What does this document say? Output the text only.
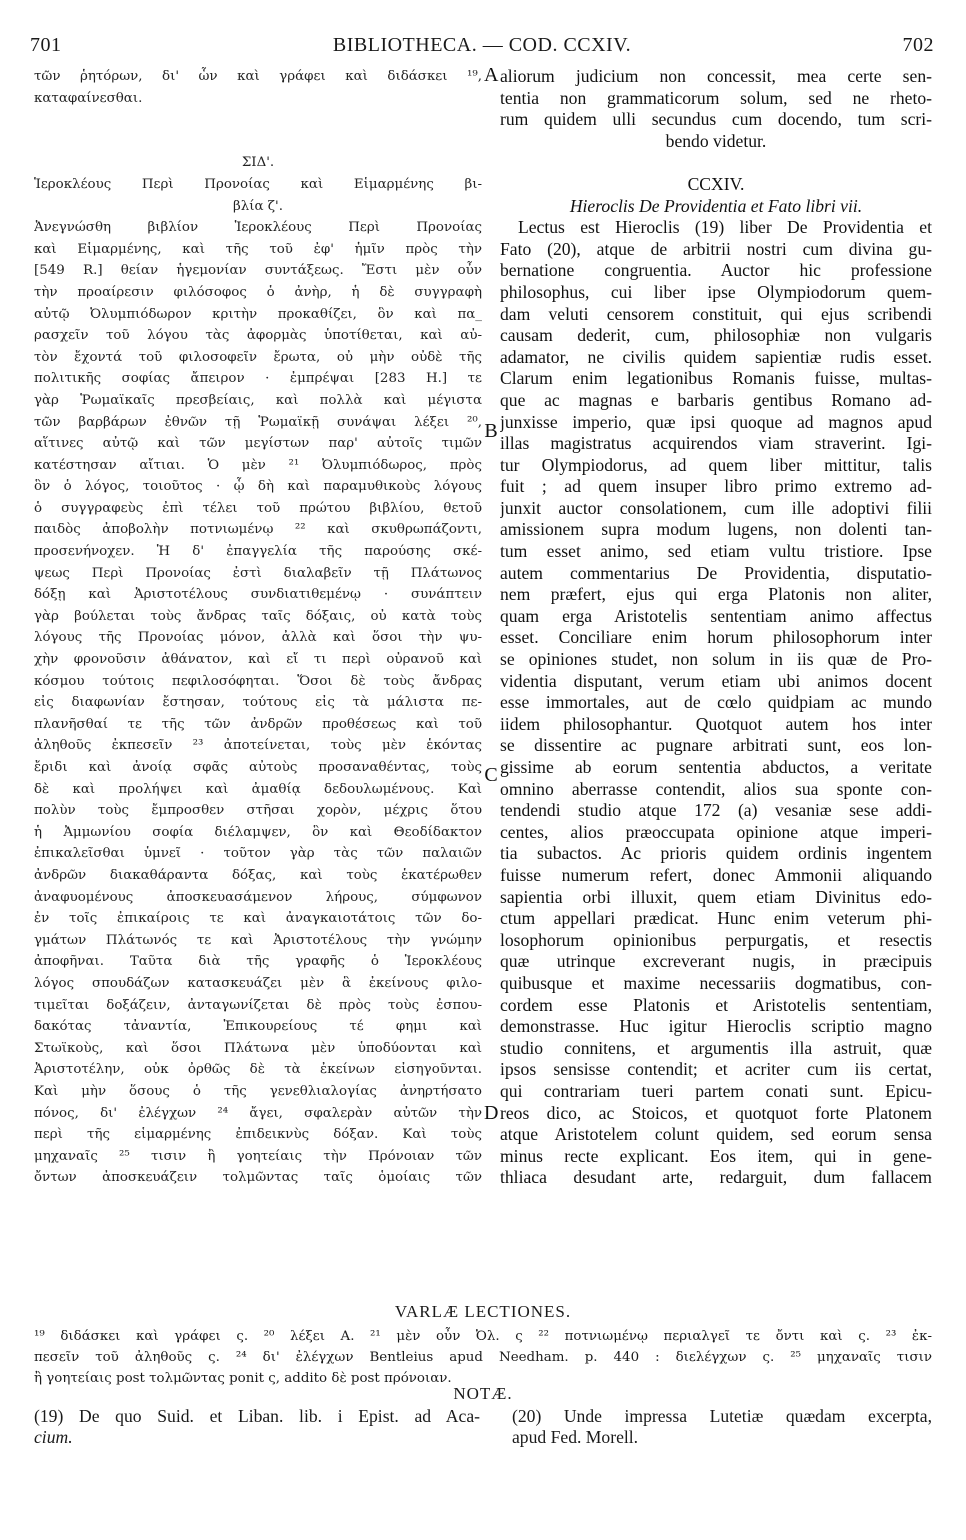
701	BIBLIOTHECA. — COD. CCXIV.	702
τῶν ῥητόρων, δι' ὧν καὶ γράφει καὶ διδάσκει ¹⁹,
καταφαίνεσθαι.
ΣΙΔ'.
Ἱεροκλέους Περὶ Προνοίας καὶ Εἱμαρμένης βι-
βλία ζ'.
Ἀνεγνώσθη βιβλίον Ἱεροκλέους Περὶ Προνοίας
καὶ Εἱμαρμένης, καὶ τῆς τοῦ ἐφ' ἡμῖν πρὸς τὴν
[549 R.] θείαν ἡγεμονίαν συντάξεως. Ἔστι μὲν οὖν
τὴν προαίρεσιν φιλόσοφος ὁ ἀνὴρ, ἡ δὲ συγγραφὴ
αὐτῷ Ὀλυμπιόδωρον κριτὴν προκαθίζει, ὃν καὶ πα_
ρασχεῖν τοῦ λόγου τὰς ἀφορμὰς ὑποτίθεται, καὶ αὐ-
τὸν ἔχοντά τοῦ φιλοσοφεῖν ἔρωτα, οὐ μὴν οὐδὲ τῆς
πολιτικῆς σοφίας ἄπειρον · ἐμπρέψαι [283 H.] τε
γὰρ Ῥωμαϊκαῖς πρεσβείαις, καὶ πολλὰ καὶ μέγιστα
τῶν βαρβάρων ἐθνῶν τῇ Ῥωμαϊκῇ συνάψαι λέξει ²⁰,
αἵτινες αὐτῷ καὶ τῶν μεγίστων παρ' αὐτοῖς τιμῶν
κατέστησαν αἴτιαι. Ὁ μὲν ²¹ Ὀλυμπιόδωρος, πρὸς
ὃν ὁ λόγος, τοιοῦτος · ᾧ δὴ καὶ παραμυθικοὺς λόγους
ὁ συγγραφεὺς ἐπὶ τέλει τοῦ πρώτου βιβλίου, θετοῦ
παιδὸς ἀποβολὴν ποτνιωμένῳ ²² καὶ σκυθρωπάζοντι,
προσενήνοχεν. Ἡ δ' ἐπαγγελία τῆς παρούσης σκέ-
ψεως Περὶ Προνοίας ἐστὶ διαλαβεῖν τῇ Πλάτωνος
δόξῃ καὶ Ἀριστοτέλους συνδιατιθεμένῳ · συνάπτειν
γὰρ βούλεται τοὺς ἄνδρας ταῖς δόξαις, οὐ κατὰ τοὺς
λόγους τῆς Προνοίας μόνον, ἀλλὰ καὶ ὅσοι τὴν ψυ-
χὴν φρονοῦσιν ἀθάνατον, καὶ εἴ τι περὶ οὐρανοῦ καὶ
κόσμου τούτοις πεφιλοσόφηται. Ὅσοι δὲ τοὺς ἄνδρας
εἰς διαφωνίαν ἔστησαν, τούτους εἰς τὰ μάλιστα πε-
πλανῆσθαί τε τῆς τῶν ἀνδρῶν προθέσεως καὶ τοῦ
ἀληθοῦς ἐκπεσεῖν ²³ ἀποτείνεται, τοὺς μὲν ἑκόντας
ἔριδι καὶ ἀνοίᾳ σφᾶς αὐτοὺς προσαναθέντας, τοὺς
δὲ καὶ προλήψει καὶ ἀμαθίᾳ δεδουλωμένους. Καὶ
πολὺν τοὺς ἔμπροσθεν στῆσαι χορὸν, μέχρις ὅτου
ἡ Ἀμμωνίου σοφία διέλαμψεν, ὃν καὶ Θεοδίδακτον
ἐπικαλεῖσθαι ὑμνεῖ · τοῦτον γὰρ τὰς τῶν παλαιῶν
ἀνδρῶν διακαθάραντα δόξας, καὶ τοὺς ἑκατέρωθεν
ἀναφυομένους ἀποσκευασάμενον λήρους, σύμφωνον
ἐν τοῖς ἐπικαίροις τε καὶ ἀναγκαιοτάτοις τῶν δο-
γμάτων Πλάτωνός τε καὶ Ἀριστοτέλους τὴν γνώμην
ἀποφῆναι. Ταῦτα διὰ τῆς γραφῆς ὁ Ἱεροκλέους
λόγος σπουδάζων κατασκευάζει μὲν ἃ ἐκείνους φιλο-
τιμεῖται δοξάζειν, ἀνταγωνίζεται δὲ πρὸς τοὺς ἐσπου-
δακότας τἀναντία, Ἐπικουρείους τέ φημι καὶ
Στωϊκοὺς, καὶ ὅσοι Πλάτωνα μὲν ὑποδύονται καὶ
Ἀριστοτέλην, οὐκ ὀρθῶς δὲ τὰ ἐκείνων εἰσηγοῦνται.
Καὶ μὴν ὅσους ὁ τῆς γενεθλιαλογίας ἀνηρτήσατο
πόνος, δι' ἐλέγχων ²⁴ ἄγει, σφαλερὰν αὐτῶν τὴν
περὶ τῆς εἱμαρμένης ἐπιδεικνὺς δόξαν. Καὶ τοὺς
μηχαναῖς ²⁵ τισιν ἢ γοητείαις τὴν Πρόνοιαν τῶν
ὄντων ἀποσκευάζειν τολμῶντας ταῖς ὁμοίαις τῶν
A
B
C
D
aliorum judicium non concessit, mea certe sen-
tentia non grammaticorum solum, sed ne rheto-
rum quidem ulli secundus cum docendo, tum scri-
bendo videtur.
CCXIV.
Hieroclis De Providentia et Fato libri vii.
Lectus est Hieroclis (19) liber De Providentia et
Fato (20), atque de arbitrii nostri cum divina gu-
bernatione congruentia. Auctor hic professione
philosophus, cui liber ipse Olympiodorum quem-
dam veluti censorem constituit, qui ejus scribendi
causam dederit, cum, philosophiæ non vulgaris
adamator, ne civilis quidem sapientiæ rudis esset.
Clarum enim legationibus Romanis fuisse, multas-
que ac magnas e barbaris gentibus Romano ad-
junxisse imperio, quæ ipsi quoque ad magnos apud
illas magistratus acquirendos viam straverint. Igi-
tur Olympiodorus, ad quem liber mittitur, talis
fuit ; ad quem insuper libro primo extremo ad-
junxit auctor consolationem, cum ille adoptivi filii
amissionem supra modum lugens, non dolenti tan-
tum esset animo, sed etiam vultu tristiore. Ipse
autem commentarius De Providentia, disputatio-
nem præfert, ejus qui erga Platonis non aliter,
quam erga Aristotelis sententiam animo affectus
esset. Conciliare enim horum philosophorum inter
se opiniones studet, non solum in iis quæ de Pro-
videntia disputant, verum etiam ubi animos docent
esse immortales, aut de cœlo quidpiam ac mundo
iidem philosophantur. Quotquot autem hos inter
se dissentire ac pugnare arbitrati sunt, eos lon-
gissime ab eorum sententia abductos, a veritate
omnino aberrasse contendit, alios sua sponte con-
tendendi studio atque 172 (a) vesaniæ sese addi-
centes, alios præoccupata opinione atque imperi-
tia subactos. Ac prioris quidem ordinis ingentem
fuisse numerum refert, donec Ammonii aliquando
sapientia orbi illuxit, quem etiam Divinitus edo-
ctum appellari prædicat. Hunc enim veterum phi-
losophorum opinionibus perpurgatis, et resectis
quæ utrinque excreverant nugis, in præcipuis
quibusque et maxime necessariis dogmatibus, con-
cordem esse Platonis et Aristotelis sententiam,
demonstrasse. Huc igitur Hieroclis scriptio magno
studio connitens, et argumentis illa astruit, quæ
ipsos sensisse contendit; et acriter cum iis certat,
qui contrariam tueri partem conati sunt. Epicu-
reos dico, ac Stoicos, et quotquot forte Platonem
atque Aristotelem colunt quidem, sed eorum sensa
minus recte explicant. Eos item, qui in gene-
thliaca desudant arte, redarguit, dum fallacem
VARLÆ LECTIONES.
¹⁹ διδάσκει καὶ γράφει ς. ²⁰ λέξει A. ²¹ μὲν οὖν Ὀλ. ς ²² ποτνιωμένῳ περιαλγεῖ τε ὄντι καὶ ς. ²³ ἐκ-
πεσεῖν τοῦ ἀληθοῦς ς. ²⁴ δι' ἐλέγχων Bentleius apud Needham. p. 440 : διελέγχων ς. ²⁵ μηχαναῖς τισιν
ἢ γοητείαις post τολμῶντας ponit ς, addito δὲ post πρόνοιαν.
NOTÆ.
(19) De quo Suid. et Liban. lib. i Epist. ad Aca-
cium.
(20) Unde impressa Lutetiæ quædam excerpta,
apud Fed. Morell.
